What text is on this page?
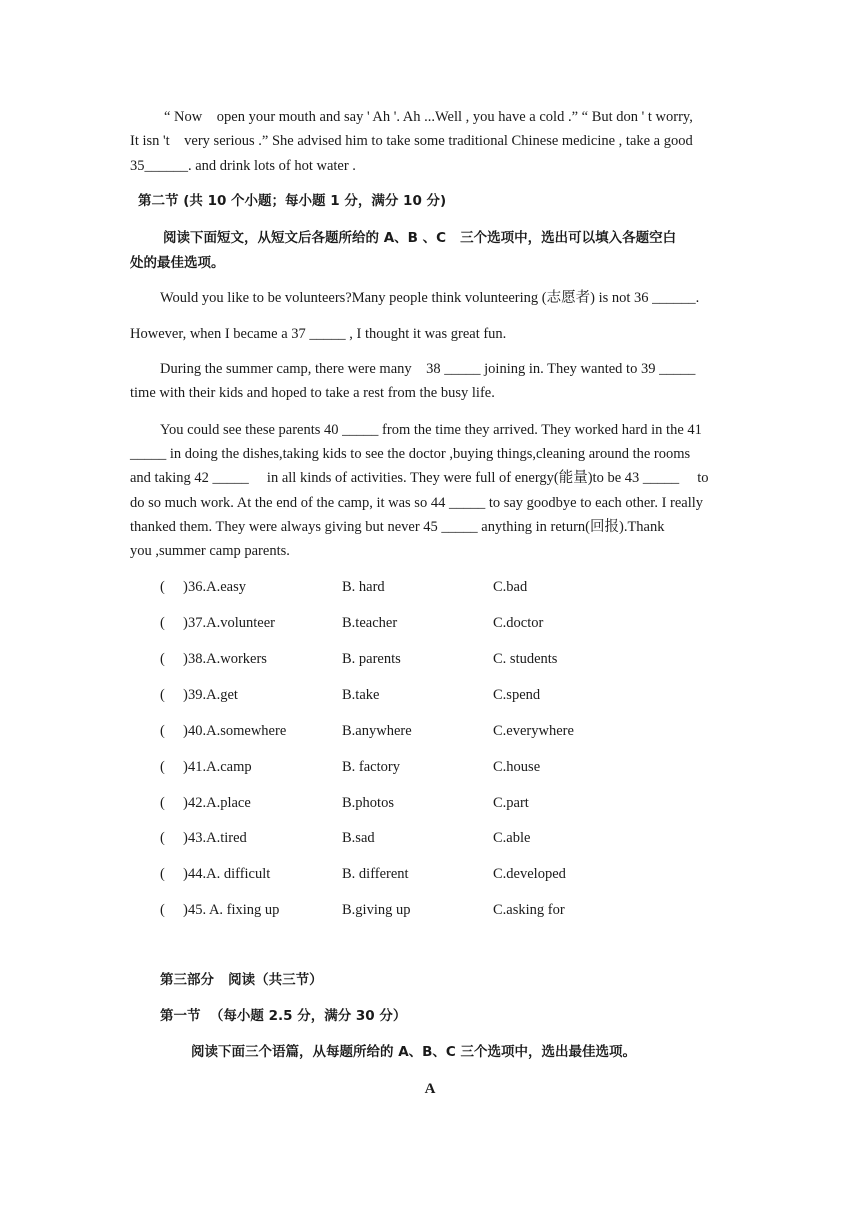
“ Now    open your mouth and say ' Ah '. Ah ...Well , you have a cold .” “ But don ' t worry,

It isn 't    very serious .” She advised him to take some traditional Chinese medicine , take a good

35______. and drink lots of hot water .

第二节 (共 10 个小题；每小题 1 分，满分 10 分)

阅读下面短文，从短文后各题所给的 A、B 、C   三个选项中，选出可以填入各题空白

处的最佳选项。

Would you like to be volunteers?Many people think volunteering (志愿者) is not 36 ______.

However, when I became a 37 _____ , I thought it was great fun.

During the summer camp, there were many    38 _____ joining in. They wanted to 39 _____

time with their kids and hoped to take a rest from the busy life.

You could see these parents 40 _____ from the time they arrived. They worked hard in the 41

_____ in doing the dishes,taking kids to see the doctor ,buying things,cleaning around the rooms

and taking 42 _____     in all kinds of activities. They were full of energy(能量)to be 43 _____     to

do so much work. At the end of the camp, it was so 44 _____ to say goodbye to each other. I really

thanked them. They were always giving but never 45 _____ anything in return(回报).Thank

you ,summer camp parents.

(     ) 36.A.easy	B. hard	C.bad
(     ) 37.A.volunteer	B.teacher	C.doctor
(     ) 38.A.workers	B. parents	C. students
(     ) 39.A.get	B.take	C.spend
(     ) 40.A.somewhere	B.anywhere	C.everywhere
(     ) 41.A.camp	B. factory	C.house
(     ) 42.A.place	B.photos	C.part
(     ) 43.A.tired	B.sad	C.able
(     ) 44.A. difficult	B. different	C.developed
(     ) 45. A. fixing up	B.giving up	C.asking for

第三部分   阅读（共三节）

第一节  （每小题 2.5 分，满分 30 分）

阅读下面三个语篇，从每题所给的 A、B、C 三个选项中，选出最佳选项。

A
